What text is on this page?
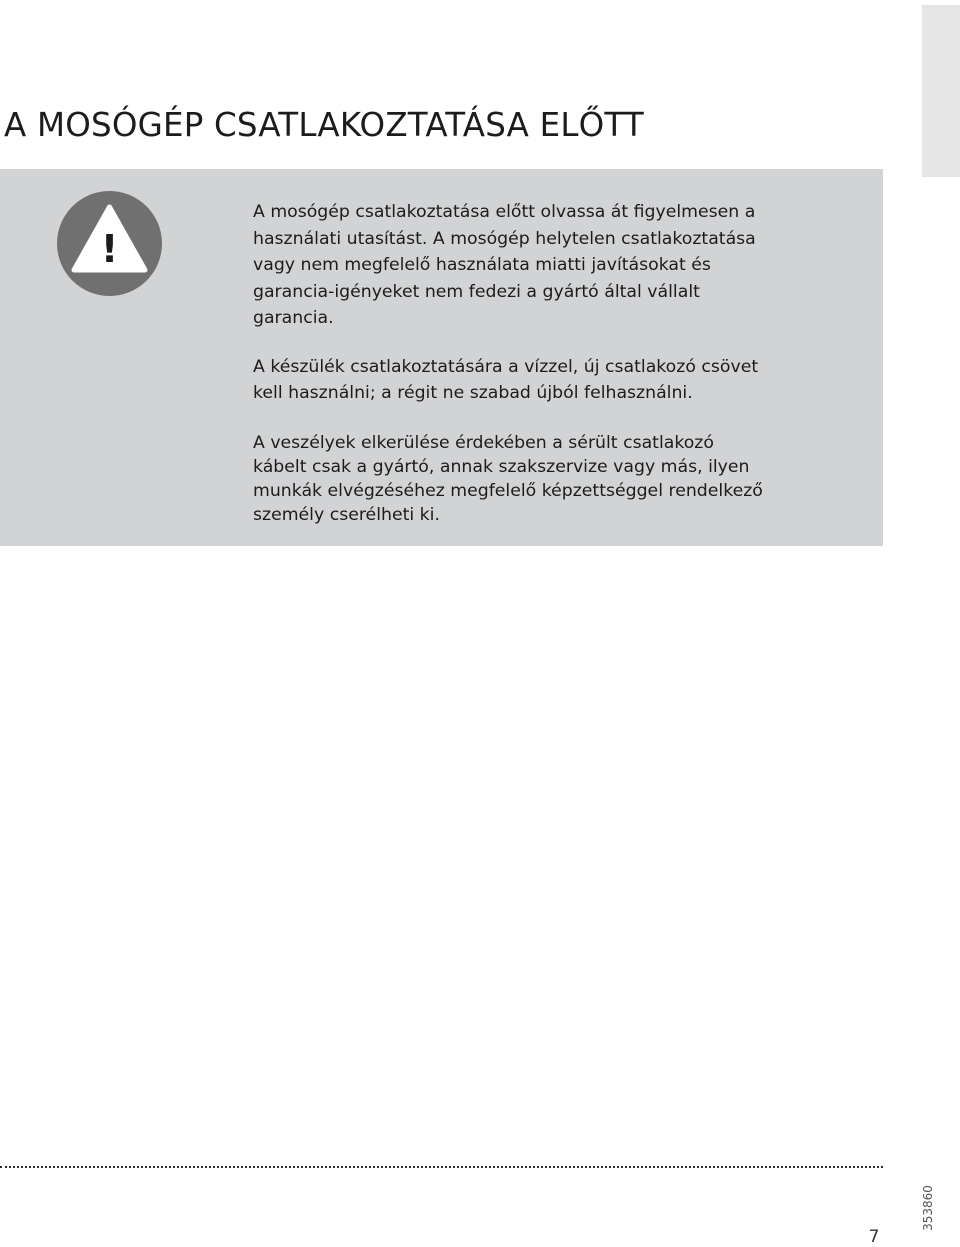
A MOSÓGÉP CSATLAKOZTATÁSA ELŐTT
!

A mosógép csatlakoztatása előtt olvassa át figyelmesen a
használati utasítást. A mosógép helytelen csatlakoztatása
vagy nem megfelelő használata miatti javításokat és
garancia-igényeket nem fedezi a gyártó által vállalt
garancia.

A készülék csatlakoztatására a vízzel, új csatlakozó csövet
kell használni; a régit ne szabad újból felhasználni.

A veszélyek elkerülése érdekében a sérült csatlakozó
kábelt csak a gyártó, annak szakszervize vagy más, ilyen
munkák elvégzéséhez megfelelő képzettséggel rendelkező
személy cserélheti ki.

7
353860
